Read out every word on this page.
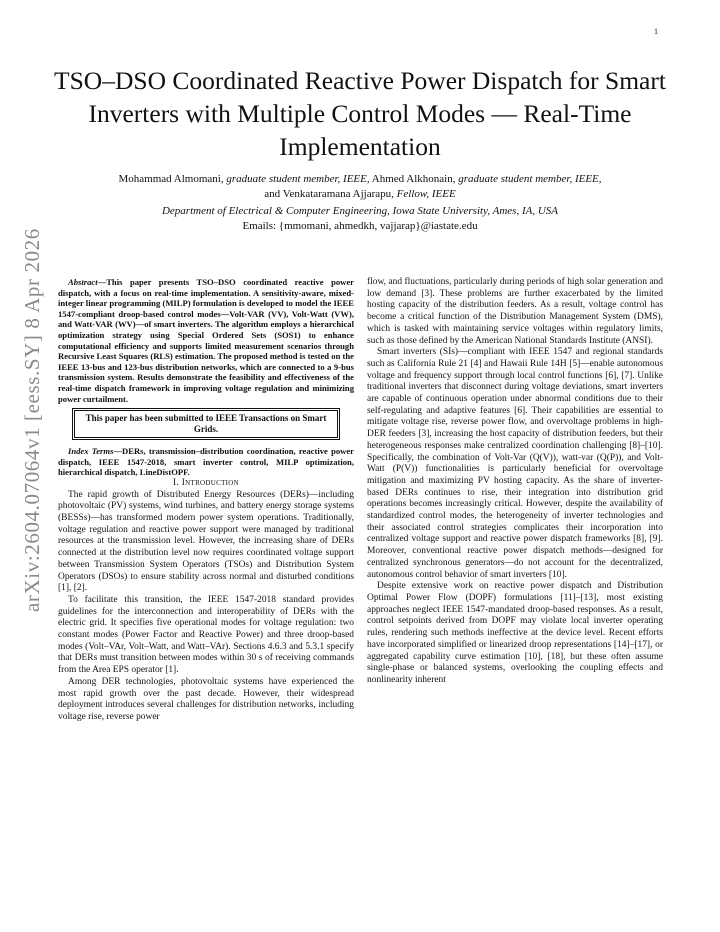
1
arXiv:2604.07064v1 [eess.SY] 8 Apr 2026
TSO–DSO Coordinated Reactive Power Dispatch for Smart Inverters with Multiple Control Modes — Real-Time Implementation
Mohammad Almomani, graduate student member, IEEE, Ahmed Alkhonain, graduate student member, IEEE,
and Venkataramana Ajjarapu, Fellow, IEEE
Department of Electrical & Computer Engineering, Iowa State University, Ames, IA, USA
Emails: {mmomani, ahmedkh, vajjarap}@iastate.edu

Abstract—This paper presents TSO–DSO coordinated reactive power dispatch, with a focus on real-time implementation. A sensitivity-aware, mixed-integer linear programming (MILP) formulation is developed to model the IEEE 1547-compliant droop-based control modes—Volt-VAR (VV), Volt-Watt (VW), and Watt-VAR (WV)—of smart inverters. The algorithm employs a hierarchical optimization strategy using Special Ordered Sets (SOS1) to enhance computational efficiency and supports limited measurement scenarios through Recursive Least Squares (RLS) estimation. The proposed method is tested on the IEEE 13-bus and 123-bus distribution networks, which are connected to a 9-bus transmission system. Results demonstrate the feasibility and effectiveness of the real-time dispatch framework in improving voltage regulation and minimizing power curtailment.

This paper has been submitted to IEEE Transactions on Smart Grids.

Index Terms—DERs, transmission–distribution coordination, reactive power dispatch, IEEE 1547-2018, smart inverter control, MILP optimization, hierarchical dispatch, LineDistOPF.

I. Introduction

The rapid growth of Distributed Energy Resources (DERs)—including photovoltaic (PV) systems, wind turbines, and battery energy storage systems (BESSs)—has transformed modern power system operations. Traditionally, voltage regulation and reactive power support were managed by traditional resources at the transmission level. However, the increasing share of DERs connected at the distribution level now requires coordinated voltage support between Transmission System Operators (TSOs) and Distribution System Operators (DSOs) to ensure stability across normal and disturbed conditions [1], [2].

To facilitate this transition, the IEEE 1547-2018 standard provides guidelines for the interconnection and interoperability of DERs with the electric grid. It specifies five operational modes for voltage regulation: two constant modes (Power Factor and Reactive Power) and three droop-based modes (Volt–VAr, Volt–Watt, and Watt–VAr). Sections 4.6.3 and 5.3.1 specify that DERs must transition between modes within 30 s of receiving commands from the Area EPS operator [1].

Among DER technologies, photovoltaic systems have experienced the most rapid growth over the past decade. However, their widespread deployment introduces several challenges for distribution networks, including voltage rise, reverse power

flow, and fluctuations, particularly during periods of high solar generation and low demand [3]. These problems are further exacerbated by the limited hosting capacity of the distribution feeders. As a result, voltage control has become a critical function of the Distribution Management System (DMS), which is tasked with maintaining service voltages within regulatory limits, such as those defined by the American National Standards Institute (ANSI).

Smart inverters (SIs)—compliant with IEEE 1547 and regional standards such as California Rule 21 [4] and Hawaii Rule 14H [5]—enable autonomous voltage and frequency support through local control functions [6], [7]. Unlike traditional inverters that disconnect during voltage deviations, smart inverters are capable of continuous operation under abnormal conditions due to their self-regulating and adaptive features [6]. Their capabilities are essential to mitigate voltage rise, reverse power flow, and overvoltage problems in high-DER feeders [3], increasing the host capacity of distribution feeders, but their heterogeneous responses make centralized coordination challenging [8]–[10]. Specifically, the combination of Volt-Var (Q(V)), watt-var (Q(P)), and Volt-Watt (P(V)) functionalities is particularly beneficial for overvoltage mitigation and maximizing PV hosting capacity. As the share of inverter-based DERs continues to rise, their integration into distribution grid operations becomes increasingly critical. However, despite the availability of standardized control modes, the heterogeneity of inverter technologies and their associated control strategies complicates their incorporation into centralized voltage support and reactive power dispatch frameworks [8], [9]. Moreover, conventional reactive power dispatch methods—designed for centralized synchronous generators—do not account for the decentralized, autonomous control behavior of smart inverters [10].

Despite extensive work on reactive power dispatch and Distribution Optimal Power Flow (DOPF) formulations [11]–[13], most existing approaches neglect IEEE 1547-mandated droop-based responses. As a result, control setpoints derived from DOPF may violate local inverter operating rules, rendering such methods ineffective at the device level. Recent efforts have incorporated simplified or linearized droop representations [14]–[17], or aggregated capability curve estimation [10], [18], but these often assume single-phase or balanced systems, overlooking the coupling effects and nonlinearity inherent
